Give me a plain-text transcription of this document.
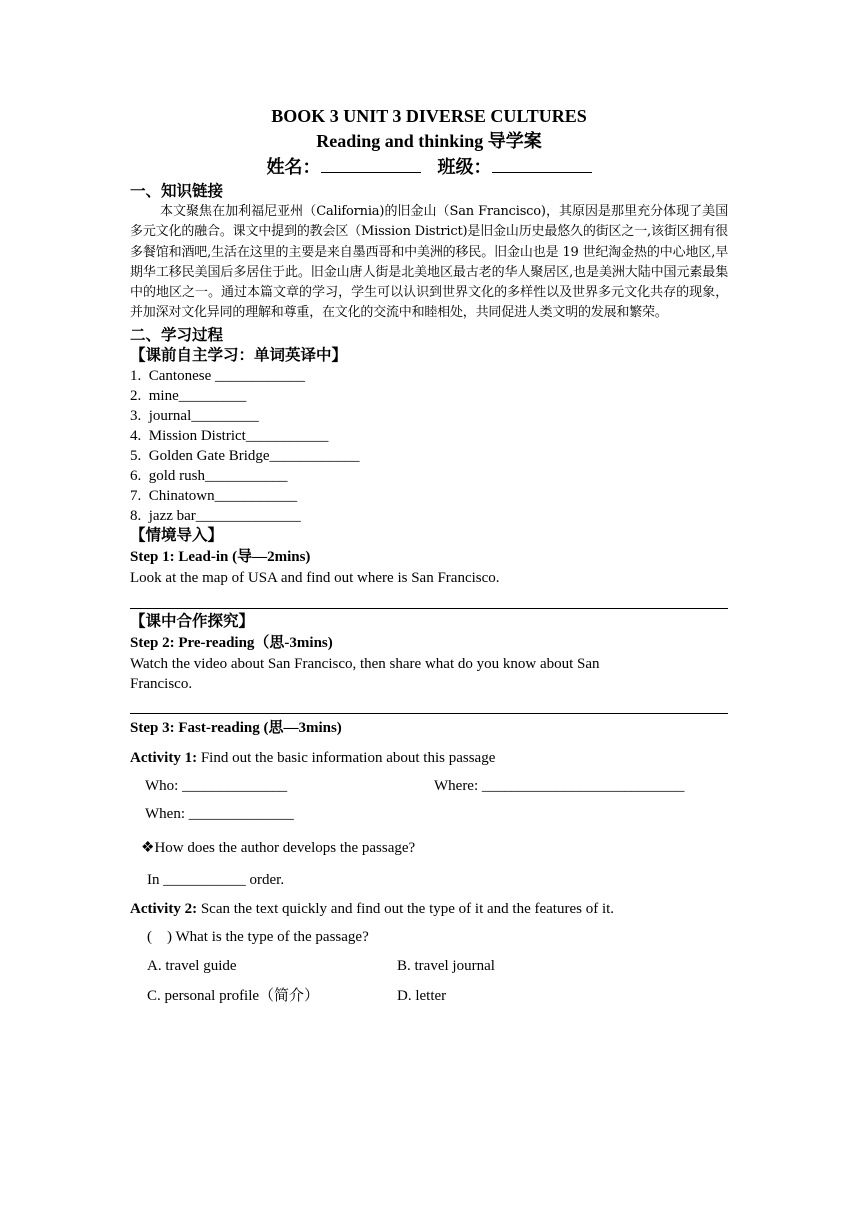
BOOK 3 UNIT 3 DIVERSE CULTURES
Reading and thinking 导学案
姓名：	班级：
一、知识链接
本文聚焦在加利福尼亚州（California)的旧金山（San Francisco)，其原因是那里充分体现了美国多元文化的融合。课文中提到的教会区（Mission District)是旧金山历史最悠久的街区之一,该街区拥有很多餐馆和酒吧,生活在这里的主要是来自墨西哥和中美洲的移民。旧金山也是 19 世纪淘金热的中心地区,早期华工移民美国后多居住于此。旧金山唐人街是北美地区最古老的华人聚居区,也是美洲大陆中国元素最集中的地区之一。通过本篇文章的学习，学生可以认识到世界文化的多样性以及世界多元文化共存的现象，并加深对文化异同的理解和尊重，在文化的交流中和睦相处，共同促进人类文明的发展和繁荣。
二、学习过程
【课前自主学习：单词英译中】
1.  Cantonese ____________
2.  mine_________
3.  journal_________
4.  Mission District___________
5.  Golden Gate Bridge____________
6.  gold rush___________
7.  Chinatown___________
8.  jazz bar______________
【情境导入】
Step 1: Lead-in (导—2mins)
Look at the map of USA and find out where is San Francisco.
【课中合作探究】
Step 2: Pre-reading（思-3mins)
Watch the video about San Francisco, then share what do you know about San
Francisco.
Step 3: Fast-reading (思—3mins)
Activity 1: Find out the basic information about this passage
Who: ______________	Where: ___________________________
When: ______________
❖How does the author develops the passage?
In ___________ order.
Activity 2: Scan the text quickly and find out the type of it and the features of it.
(    ) What is the type of the passage?
A. travel guide	B. travel journal
C. personal profile（简介）	D. letter
